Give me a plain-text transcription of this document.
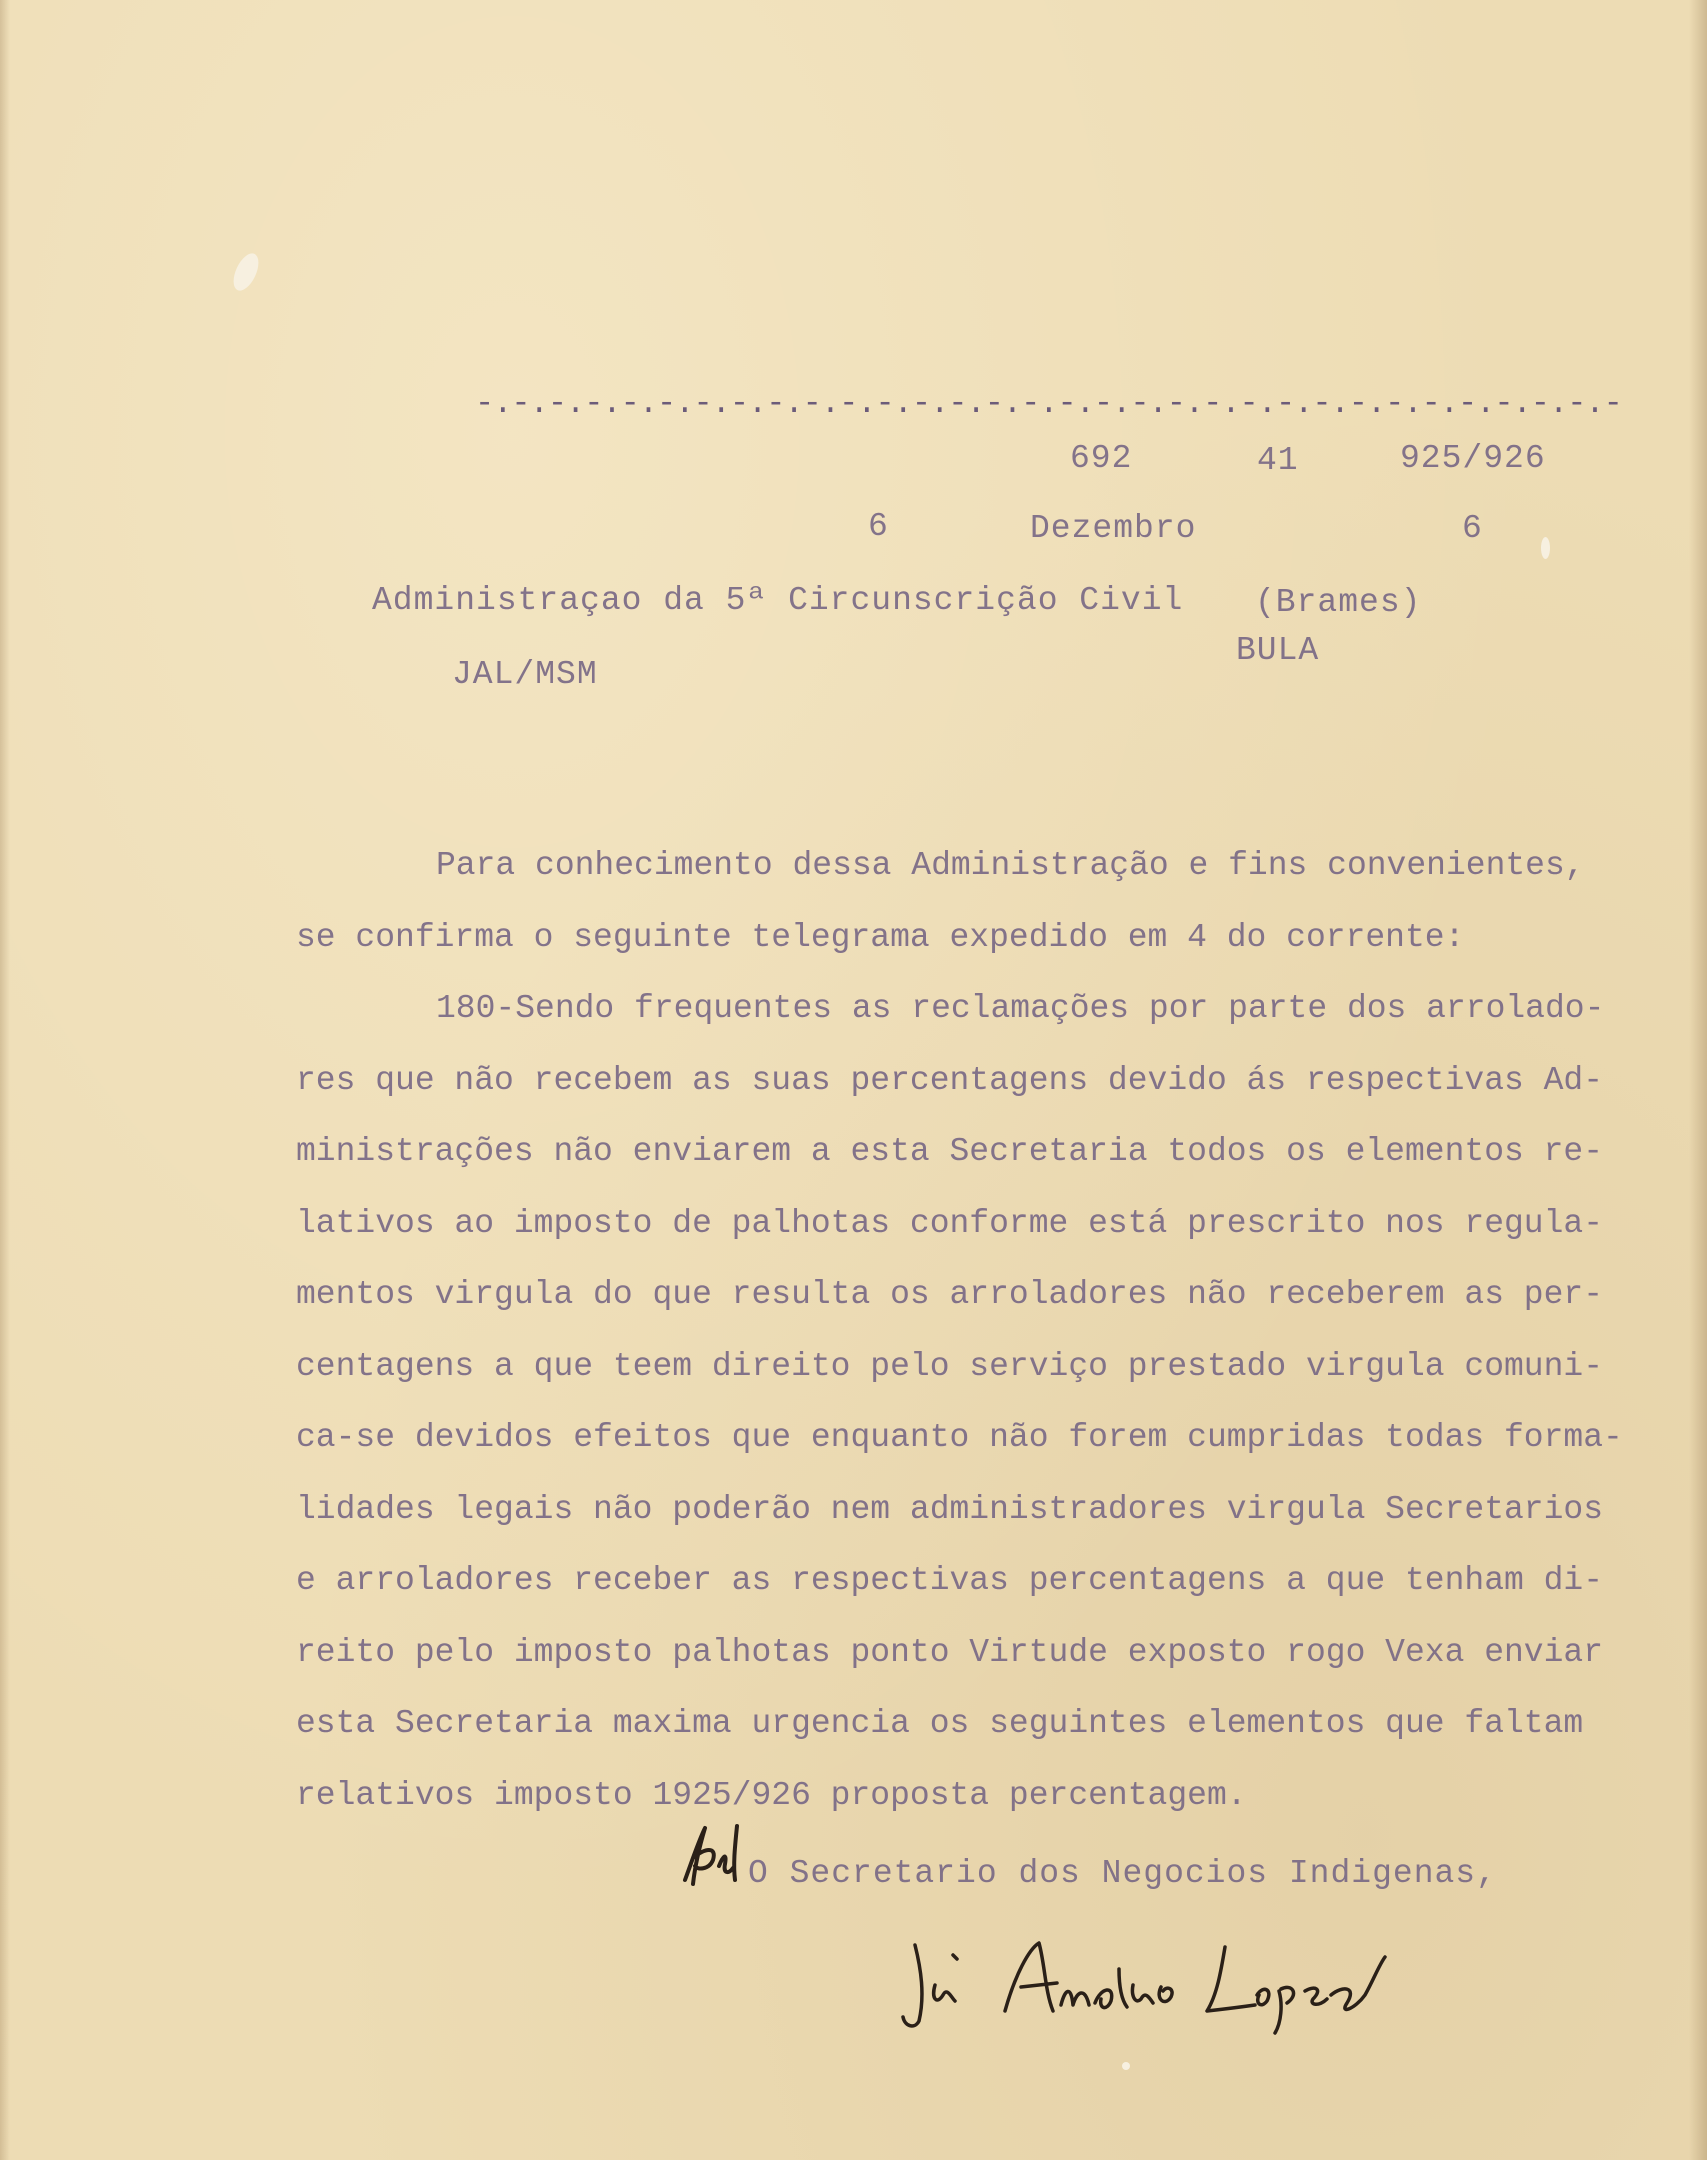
-.-.-.-.-.-.-.-.-.-.-.-.-.-.-.-.-.-.-.-.-.-.-.-.-.-.-.-.-.-.-.-
692	41	925/926
6	Dezembro	6
Administraçao da 5ª Circunscrição Civil (Brames)
BULA
JAL/MSM
Para conhecimento dessa Administração e fins convenientes,
se confirma o seguinte telegrama expedido em 4 do corrente:
180-Sendo frequentes as reclamações por parte dos arrolado-
res que não recebem as suas percentagens devido ás respectivas Ad-
ministrações não enviarem a esta Secretaria todos os elementos re-
lativos ao imposto de palhotas conforme está prescrito nos regula-
mentos virgula do que resulta os arroladores não receberem as per-
centagens a que teem direito pelo serviço prestado virgula comuni-
ca-se devidos efeitos que enquanto não forem cumpridas todas forma-
lidades legais não poderão nem administradores virgula Secretarios
e arroladores receber as respectivas percentagens a que tenham di-
reito pelo imposto palhotas ponto Virtude exposto rogo Vexa enviar
esta Secretaria maxima urgencia os seguintes elementos que faltam
relativos imposto 1925/926 proposta percentagem.
O Secretario dos Negocios Indigenas,
José Antonio Lopes
